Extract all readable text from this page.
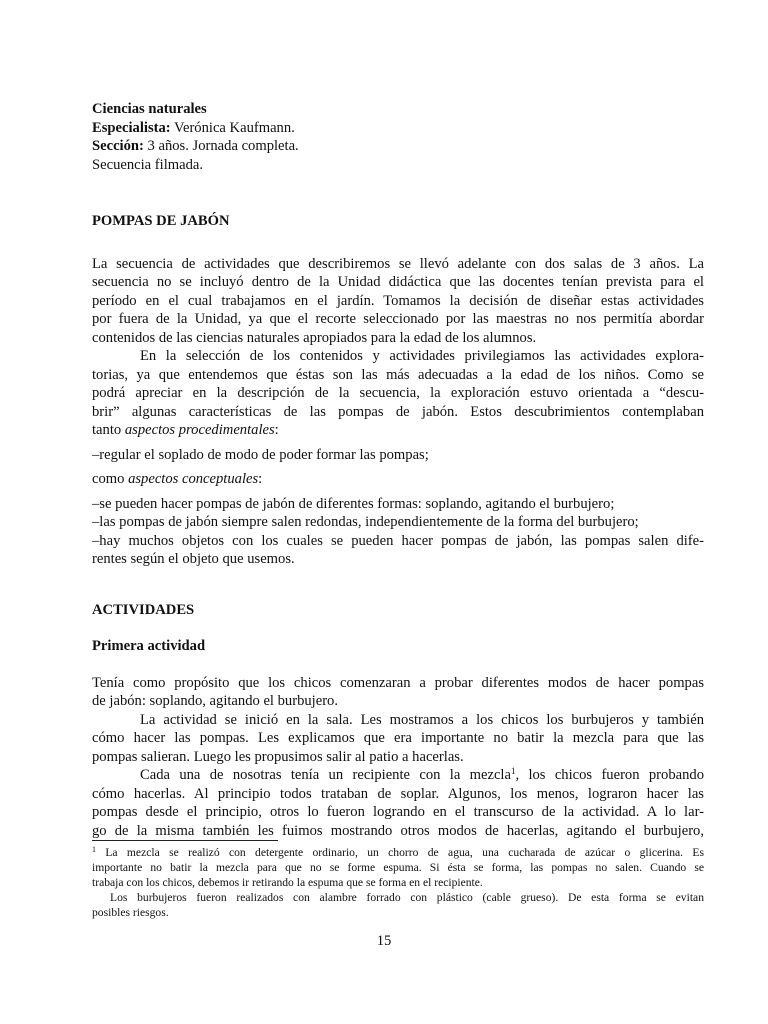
Ciencias naturales
Especialista: Verónica Kaufmann.
Sección: 3 años. Jornada completa.
Secuencia filmada.
POMPAS DE JABÓN
La secuencia de actividades que describiremos se llevó adelante con dos salas de 3 años. La
secuencia no se incluyó dentro de la Unidad didáctica que las docentes tenían prevista para el
período en el cual trabajamos en el jardín. Tomamos la decisión de diseñar estas actividades
por fuera de la Unidad, ya que el recorte seleccionado por las maestras no nos permitía abordar
contenidos de las ciencias naturales apropiados para la edad de los alumnos.
En la selección de los contenidos y actividades privilegiamos las actividades explora-
torias, ya que entendemos que éstas son las más adecuadas a la edad de los niños. Como se
podrá apreciar en la descripción de la secuencia, la exploración estuvo orientada a “descu-
brir” algunas características de las pompas de jabón. Estos descubrimientos contemplaban
tanto aspectos procedimentales:
–regular el soplado de modo de poder formar las pompas;
como aspectos conceptuales:
–se pueden hacer pompas de jabón de diferentes formas: soplando, agitando el burbujero;
–las pompas de jabón siempre salen redondas, independientemente de la forma del burbujero;
–hay muchos objetos con los cuales se pueden hacer pompas de jabón, las pompas salen dife-
rentes según el objeto que usemos.
ACTIVIDADES
Primera actividad
Tenía como propósito que los chicos comenzaran a probar diferentes modos de hacer pompas
de jabón: soplando, agitando el burbujero.
La actividad se inició en la sala. Les mostramos a los chicos los burbujeros y también
cómo hacer las pompas. Les explicamos que era importante no batir la mezcla para que las
pompas salieran. Luego les propusimos salir al patio a hacerlas.
Cada una de nosotras tenía un recipiente con la mezcla$^1$, los chicos fueron probando
cómo hacerlas. Al principio todos trataban de soplar. Algunos, los menos, lograron hacer las
pompas desde el principio, otros lo fueron logrando en el transcurso de la actividad. A lo lar-
go de la misma también les fuimos mostrando otros modos de hacerlas, agitando el burbujero,
$^1$ La mezcla se realizó con detergente ordinario, un chorro de agua, una cucharada de azúcar o glicerina. Es
importante no batir la mezcla para que no se forme espuma. Si ésta se forma, las pompas no salen. Cuando se
trabaja con los chicos, debemos ir retirando la espuma que se forma en el recipiente.
Los burbujeros fueron realizados con alambre forrado con plástico (cable grueso). De esta forma se evitan
posibles riesgos.
15
